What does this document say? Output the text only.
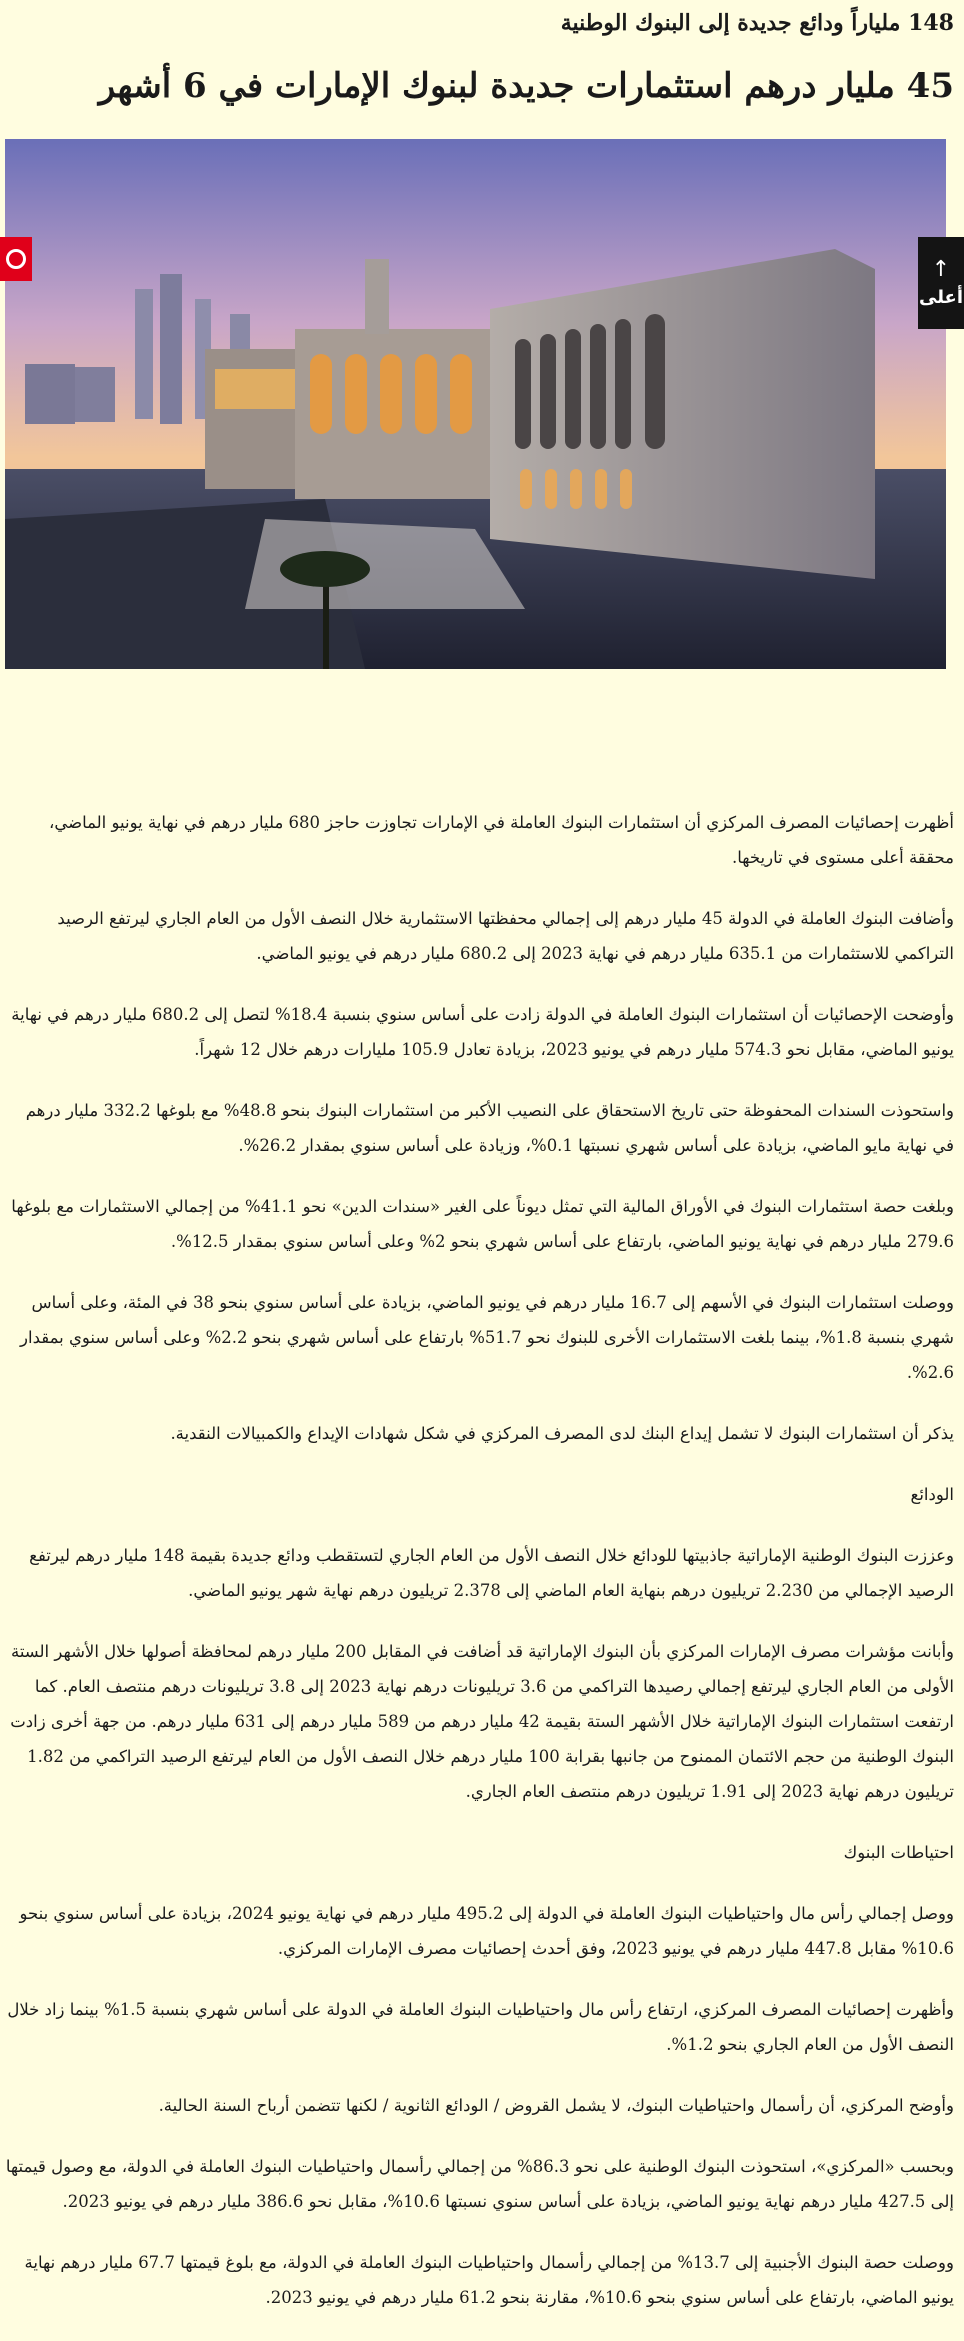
148 ملياراً ودائع جديدة إلى البنوك الوطنية
45 مليار درهم استثمارات جديدة لبنوك الإمارات في 6 أشهر
↑
أعلى

أظهرت إحصائيات المصرف المركزي أن استثمارات البنوك العاملة في الإمارات تجاوزت حاجز 680 مليار درهم في نهاية يونيو الماضي، محققة أعلى مستوى في تاريخها.

وأضافت البنوك العاملة في الدولة 45 مليار درهم إلى إجمالي محفظتها الاستثمارية خلال النصف الأول من العام الجاري ليرتفع الرصيد التراكمي للاستثمارات من 635.1 مليار درهم في نهاية 2023 إلى 680.2 مليار درهم في يونيو الماضي.

وأوضحت الإحصائيات أن استثمارات البنوك العاملة في الدولة زادت على أساس سنوي بنسبة 18.4% لتصل إلى 680.2 مليار درهم في نهاية يونيو الماضي، مقابل نحو 574.3 مليار درهم في يونيو 2023، بزيادة تعادل 105.9 مليارات درهم خلال 12 شهراً.

واستحوذت السندات المحفوظة حتى تاريخ الاستحقاق على النصيب الأكبر من استثمارات البنوك بنحو 48.8% مع بلوغها 332.2 مليار درهم في نهاية مايو الماضي، بزيادة على أساس شهري نسبتها 0.1%، وزيادة على أساس سنوي بمقدار 26.2%.

وبلغت حصة استثمارات البنوك في الأوراق المالية التي تمثل ديوناً على الغير «سندات الدين» نحو 41.1% من إجمالي الاستثمارات مع بلوغها 279.6 مليار درهم في نهاية يونيو الماضي، بارتفاع على أساس شهري بنحو 2% وعلى أساس سنوي بمقدار 12.5%.

ووصلت استثمارات البنوك في الأسهم إلى 16.7 مليار درهم في يونيو الماضي، بزيادة على أساس سنوي بنحو 38 في المئة، وعلى أساس شهري بنسبة 1.8%، بينما بلغت الاستثمارات الأخرى للبنوك نحو 51.7% بارتفاع على أساس شهري بنحو 2.2% وعلى أساس سنوي بمقدار 2.6%.

يذكر أن استثمارات البنوك لا تشمل إيداع البنك لدى المصرف المركزي في شكل شهادات الإيداع والكمبيالات النقدية.

الودائع

وعززت البنوك الوطنية الإماراتية جاذبيتها للودائع خلال النصف الأول من العام الجاري لتستقطب ودائع جديدة بقيمة 148 مليار درهم ليرتفع الرصيد الإجمالي من 2.230 تريليون درهم بنهاية العام الماضي إلى 2.378 تريليون درهم نهاية شهر يونيو الماضي.

وأبانت مؤشرات مصرف الإمارات المركزي بأن البنوك الإماراتية قد أضافت في المقابل 200 مليار درهم لمحافظة أصولها خلال الأشهر الستة الأولى من العام الجاري ليرتفع إجمالي رصيدها التراكمي من 3.6 تريليونات درهم نهاية 2023 إلى 3.8 تريليونات درهم منتصف العام. كما ارتفعت استثمارات البنوك الإماراتية خلال الأشهر الستة بقيمة 42 مليار درهم من 589 مليار درهم إلى 631 مليار درهم. من جهة أخرى زادت البنوك الوطنية من حجم الائتمان الممنوح من جانبها بقرابة 100 مليار درهم خلال النصف الأول من العام ليرتفع الرصيد التراكمي من 1.82 تريليون درهم نهاية 2023 إلى 1.91 تريليون درهم منتصف العام الجاري.

احتياطات البنوك

ووصل إجمالي رأس مال واحتياطيات البنوك العاملة في الدولة إلى 495.2 مليار درهم في نهاية يونيو 2024، بزيادة على أساس سنوي بنحو 10.6% مقابل 447.8 مليار درهم في يونيو 2023، وفق أحدث إحصائيات مصرف الإمارات المركزي.

وأظهرت إحصائيات المصرف المركزي، ارتفاع رأس مال واحتياطيات البنوك العاملة في الدولة على أساس شهري بنسبة 1.5% بينما زاد خلال النصف الأول من العام الجاري بنحو 1.2%.

وأوضح المركزي، أن رأسمال واحتياطيات البنوك، لا يشمل القروض / الودائع الثانوية / لكنها تتضمن أرباح السنة الحالية.

وبحسب «المركزي»، استحوذت البنوك الوطنية على نحو 86.3% من إجمالي رأسمال واحتياطيات البنوك العاملة في الدولة، مع وصول قيمتها إلى 427.5 مليار درهم نهاية يونيو الماضي، بزيادة على أساس سنوي نسبتها 10.6%، مقابل نحو 386.6 مليار درهم في يونيو 2023.

ووصلت حصة البنوك الأجنبية إلى 13.7% من إجمالي رأسمال واحتياطيات البنوك العاملة في الدولة، مع بلوغ قيمتها 67.7 مليار درهم نهاية يونيو الماضي، بارتفاع على أساس سنوي بنحو 10.6%، مقارنة بنحو 61.2 مليار درهم في يونيو 2023.
